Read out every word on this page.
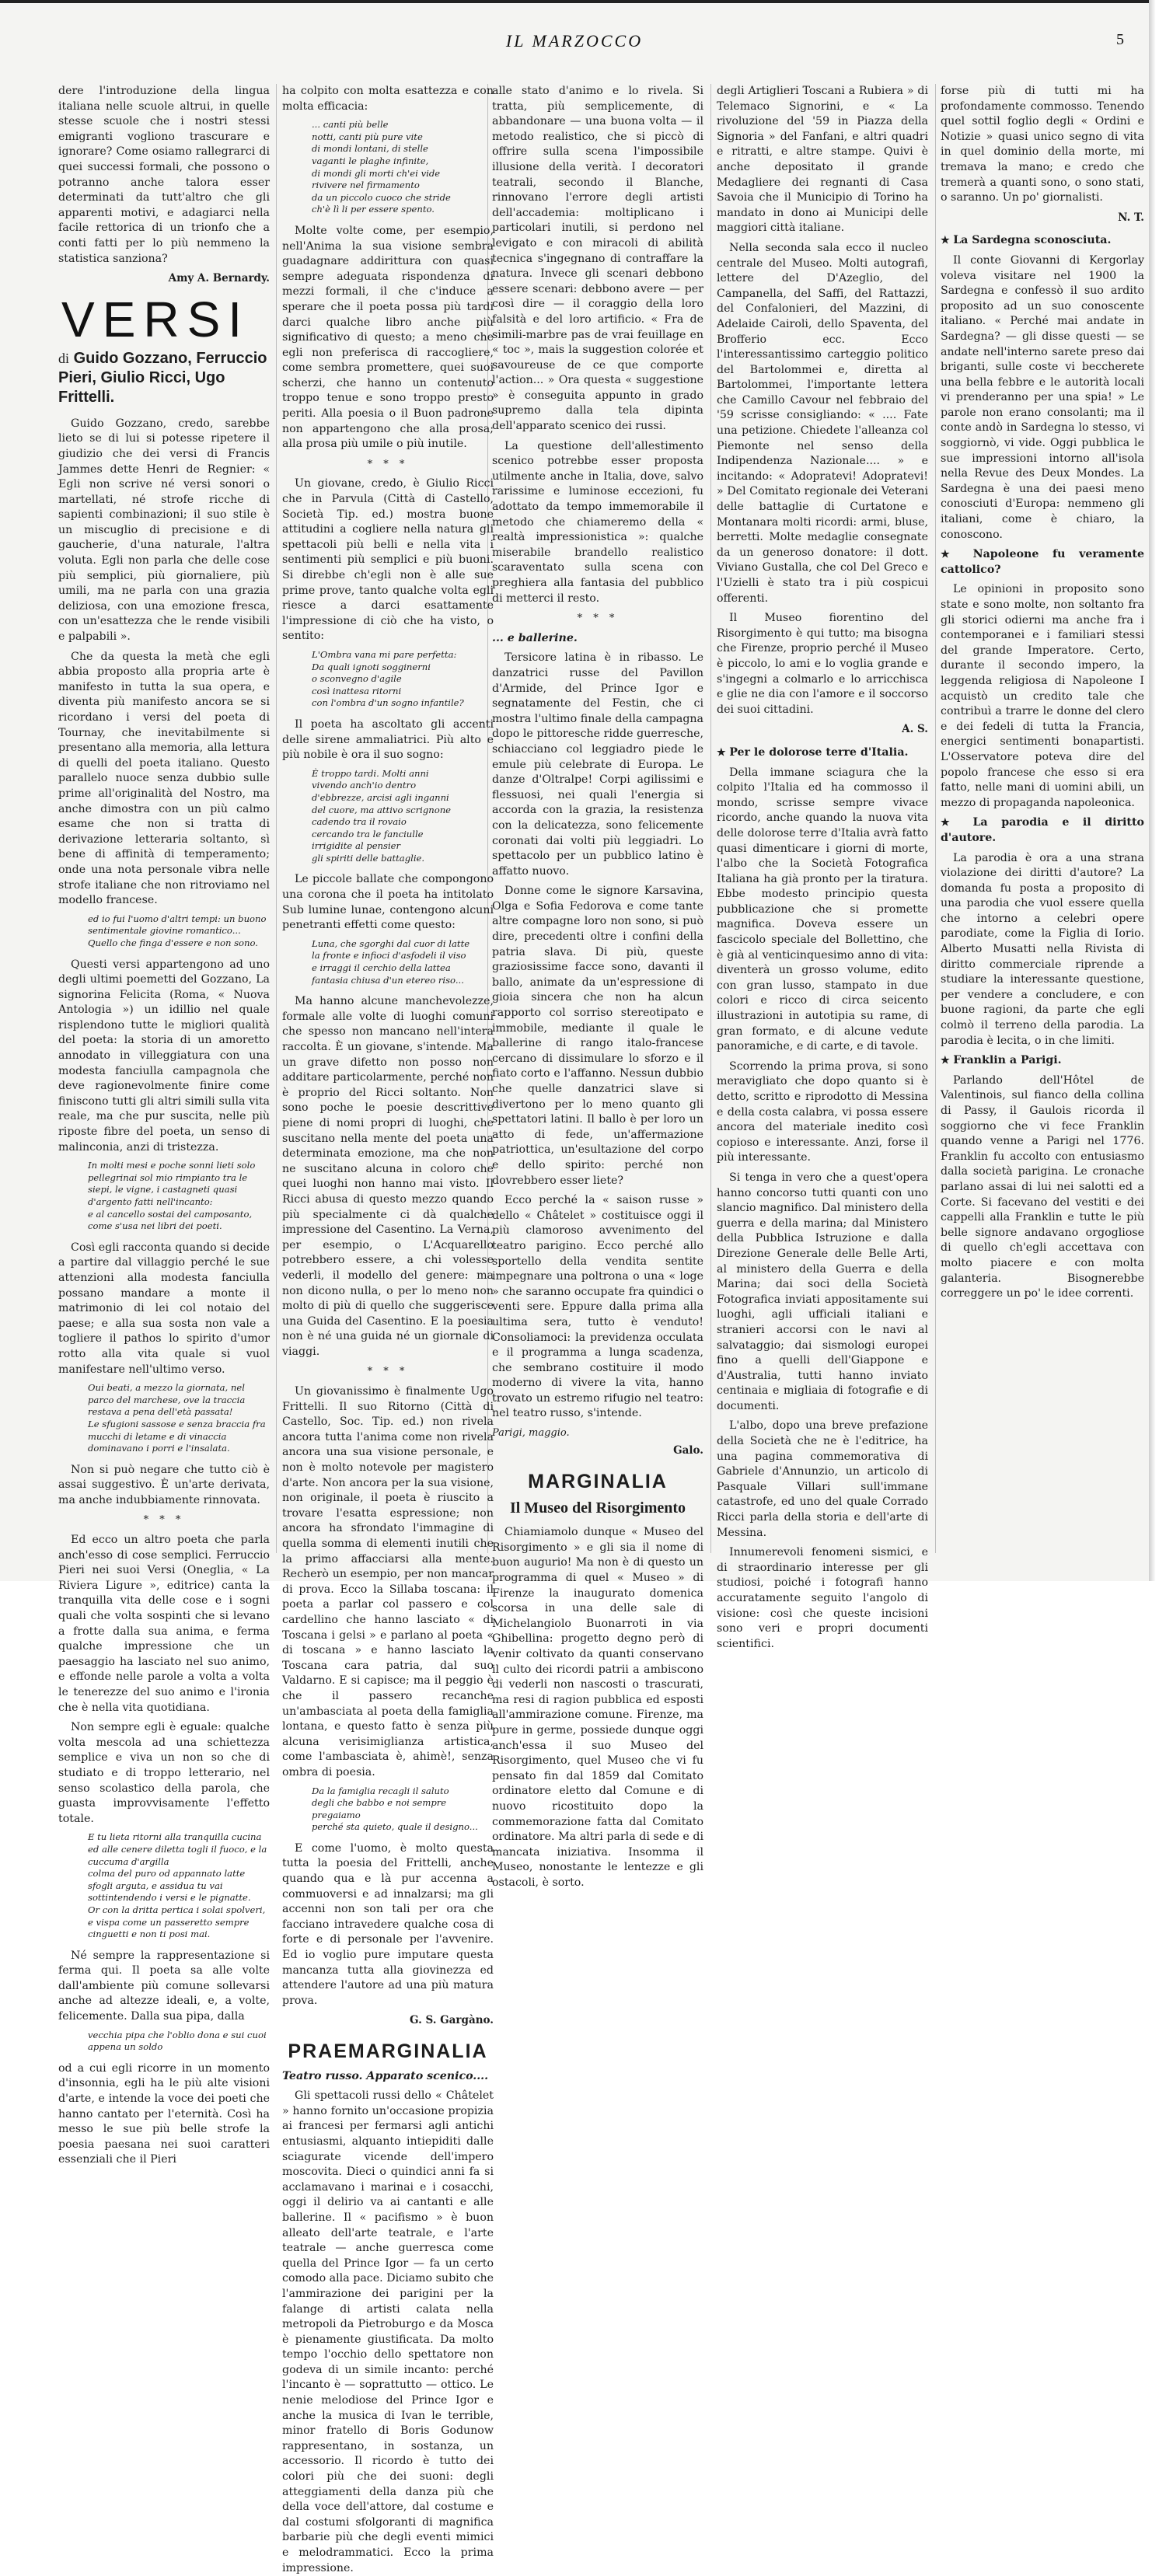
IL MARZOCCO	5

dere l'introduzione della lingua italiana nelle scuole altrui, in quelle stesse scuole che i nostri stessi emigranti vogliono trascurare e ignorare? Come osiamo rallegrarci di quei successi formali, che possono o potranno anche talora esser determinati da tutt'altro che gli apparenti motivi, e adagiarci nella facile rettorica di un trionfo che a conti fatti per lo più nemmeno la statistica sanziona?

Amy A. Bernardy.
VERSI
di Guido Gozzano, Ferruccio Pieri, Giulio Ricci, Ugo Frittelli.

Guido Gozzano, credo, sarebbe lieto se di lui si potesse ripetere il giudizio che dei versi di Francis Jammes dette Henri de Regnier: « Egli non scrive né versi sonori o martellati, né strofe ricche di sapienti combinazioni; il suo stile è un miscuglio di precisione e di gaucherie, d'una naturale, l'altra voluta. Egli non parla che delle cose più semplici, più giornaliere, più umili, ma ne parla con una grazia deliziosa, con una emozione fresca, con un'esattezza che le rende visibili e palpabili ».

Che da questa la metà che egli abbia proposto alla propria arte è manifesto in tutta la sua opera, e diventa più manifesto ancora se si ricordano i versi del poeta di Tournay, che inevitabilmente si presentano alla memoria, alla lettura di quelli del poeta italiano. Questo parallelo nuoce senza dubbio sulle prime all'originalità del Nostro, ma anche dimostra con un più calmo esame che non si tratta di derivazione letteraria soltanto, sì bene di affinità di temperamento; onde una nota personale vibra nelle strofe italiane che non ritroviamo nel modello francese.

ed io fui l'uomo d'altri tempi: un buono sentimentale giovine romantico...
Quello che finga d'essere e non sono.

Questi versi appartengono ad uno degli ultimi poemetti del Gozzano, La signorina Felicita (Roma, « Nuova Antologia ») un idillio nel quale risplendono tutte le migliori qualità del poeta: la storia di un amoretto annodato in villeggiatura con una modesta fanciulla campagnola che deve ragionevolmente finire come finiscono tutti gli altri simili sulla vita reale, ma che pur suscita, nelle più riposte fibre del poeta, un senso di malinconia, anzi di tristezza.

In molti mesi e poche sonni lieti solo pellegrinai sol mio rimpianto tra le siepi, le vigne, i castagneti quasi d'argento fatti nell'incanto:
e al cancello sostai del camposanto, come s'usa nei libri dei poeti.

Così egli racconta quando si decide a partire dal villaggio perché le sue attenzioni alla modesta fanciulla possano mandare a monte il matrimonio di lei col notaio del paese; e alla sua sosta non vale a togliere il pathos lo spirito d'umor rotto alla vita quale si vuol manifestare nell'ultimo verso.

Oui beati, a mezzo la giornata, nel parco del marchese, ove la traccia restava a pena dell'età passata!
Le sfugioni sassose e senza braccia fra mucchi di letame e di vinaccia dominavano i porri e l'insalata.

Non si può negare che tutto ciò è assai suggestivo. È un'arte derivata, ma anche indubbiamente rinnovata.

* * *

Ed ecco un altro poeta che parla anch'esso di cose semplici. Ferruccio Pieri nei suoi Versi (Oneglia, « La Riviera Ligure », editrice) canta la tranquilla vita delle cose e i sogni quali che volta sospinti che si levano a frotte dalla sua anima, e ferma qualche impressione che un paesaggio ha lasciato nel suo animo, e effonde nelle parole a volta a volta le tenerezze del suo animo e l'ironia che è nella vita quotidiana.

Non sempre egli è eguale: qualche volta mescola ad una schiettezza semplice e viva un non so che di studiato e di troppo letterario, nel senso scolastico della parola, che guasta improvvisamente l'effetto totale.

E tu lieta ritorni alla tranquilla cucina ed alle cenere diletta togli il fuoco, e la cuccuma d'argilla
colma del puro od appannato latte sfogli arguta, e assidua tu vai sottintendendo i versi e le pignatte.
Or con la dritta pertica i solai spolveri, e vispa come un passeretto sempre cinguetti e non ti posi mai.

Né sempre la rappresentazione si ferma qui. Il poeta sa alle volte dall'ambiente più comune sollevarsi anche ad altezze ideali, e, a volte, felicemente. Dalla sua pipa, dalla

vecchia pipa che l'oblio dona e sui cuoi appena un soldo

od a cui egli ricorre in un momento d'insonnia, egli ha le più alte visioni d'arte, e intende la voce dei poeti che hanno cantato per l'eternità. Così ha messo le sue più belle strofe la poesia paesana nei suoi caratteri essenziali che il Pieri

ha colpito con molta esattezza e con molta efficacia:

... canti più belle
notti, canti più pure vite
di mondi lontani, di stelle
vaganti le plaghe infinite,
di mondi gli morti ch'ei vide
rivivere nel firmamento
da un piccolo cuoco che stride
ch'è lì li per essere spento.

Molte volte come, per esempio, nell'Anima la sua visione sembra guadagnare addirittura con quasi sempre adeguata rispondenza di mezzi formali, il che c'induce a sperare che il poeta possa più tardi darci qualche libro anche più significativo di questo; a meno che egli non preferisca di raccogliere, come sembra promettere, quei suoi scherzi, che hanno un contenuto troppo tenue e sono troppo presto periti. Alla poesia o il Buon padrone non appartengono che alla prosa; alla prosa più umile o più inutile.

* * *

Un giovane, credo, è Giulio Ricci che in Parvula (Città di Castello, Società Tip. ed.) mostra buone attitudini a cogliere nella natura gli spettacoli più belli e nella vita i sentimenti più semplici e più buoni. Si direbbe ch'egli non è alle sue prime prove, tanto qualche volta egli riesce a darci esattamente l'impressione di ciò che ha visto, o sentito:

L'Ombra vana mi pare perfetta:
Da quali ignoti sogginerni
o sconvegno d'agile
così inattesa ritorni
con l'ombra d'un sogno infantile?

Il poeta ha ascoltato gli accenti delle sirene ammaliatrici. Più alto e più nobile è ora il suo sogno:

È troppo tardi. Molti anni
vivendo anch'io dentro
d'ebbrezze, arcisi agli inganni
del cuore, ma attivo scrignone
cadendo tra il rovaio
cercando tra le fanciulle
irrigidite al pensier
gli spiriti delle battaglie.

Le piccole ballate che compongono una corona che il poeta ha intitolato Sub lumine lunae, contengono alcuni penetranti effetti come questo:

Luna, che sgorghi dal cuor di latte
la fronte e infioci d'asfodeli il viso
e irraggi il cerchio della lattea
fantasia chiusa d'un etereo riso...

Ma hanno alcune manchevolezze, formale alle volte di luoghi comuni che spesso non mancano nell'intera raccolta. È un giovane, s'intende. Ma un grave difetto non posso non additare particolarmente, perché non è proprio del Ricci soltanto. Non sono poche le poesie descrittive piene di nomi propri di luoghi, che suscitano nella mente del poeta una determinata emozione, ma che non ne suscitano alcuna in coloro che quei luoghi non hanno mai visto. Il Ricci abusa di questo mezzo quando più specialmente ci dà qualche impressione del Casentino. La Verna, per esempio, o L'Acquarello potrebbero essere, a chi volesse vederli, il modello del genere: ma non dicono nulla, o per lo meno non molto di più di quello che suggerisce una Guida del Casentino. E la poesia non è né una guida né un giornale di viaggi.

* * *

Un giovanissimo è finalmente Ugo Frittelli. Il suo Ritorno (Città di Castello, Soc. Tip. ed.) non rivela ancora tutta l'anima come non rivela ancora una sua visione personale, e non è molto notevole per magistero d'arte. Non ancora per la sua visione, non originale, il poeta è riuscito a trovare l'esatta espressione; non ancora ha sfrondato l'immagine di quella somma di elementi inutili che la primo affacciarsi alla mente. Recherò un esempio, per non mancar di prova. Ecco la Sillaba toscana: il poeta a parlar col passero e col cardellino che hanno lasciato « di Toscana i gelsi » e parlano al poeta « di toscana » e hanno lasciato la Toscana cara patria, dal suo Valdarno. E si capisce; ma il peggio è che il passero recanche un'ambasciata al poeta della famiglia lontana, e questo fatto è senza più alcuna verisimiglianza artistica, come l'ambasciata è, ahimè!, senza ombra di poesia.

Da la famiglia recagli il saluto
degli che babbo e noi sempre pregaiamo
perché sta quieto, quale il designo...

E come l'uomo, è molto questa tutta la poesia del Frittelli, anche quando qua e là pur accenna a commuoversi e ad innalzarsi; ma gli accenni non son tali per ora che facciano intravedere qualche cosa di forte e di personale per l'avvenire. Ed io voglio pure imputare questa mancanza tutta alla giovinezza ed attendere l'autore ad una più matura prova.

G. S. Gargàno.
PRAEMARGINALIA

Teatro russo. Apparato scenico....

Gli spettacoli russi dello « Châtelet » hanno fornito un'occasione propizia ai francesi per fermarsi agli antichi entusiasmi, alquanto intiepiditi dalle sciagurate vicende dell'impero moscovita. Dieci o quindici anni fa si acclamavano i marinai e i cosacchi, oggi il delirio va ai cantanti e alle ballerine. Il « pacifismo » è buon alleato dell'arte teatrale, e l'arte teatrale — anche guerresca come quella del Prince Igor — fa un certo comodo alla pace. Diciamo subito che l'ammirazione dei parigini per la falange di artisti calata nella metropoli da Pietroburgo e da Mosca è pienamente giustificata. Da molto tempo l'occhio dello spettatore non godeva di un simile incanto: perché l'incanto è — soprattutto — ottico. Le nenie melodiose del Prince Igor e anche la musica di Ivan le terrible, minor fratello di Boris Godunow rappresentano, in sostanza, un accessorio. Il ricordo è tutto dei colori più che dei suoni: degli atteggiamenti della danza più che della voce dell'attore, dal costume e dal costumi sfolgoranti di magnifica barbarie più che degli eventi mimici e melodrammatici. Ecco la prima impressione.

alle stato d'animo e lo rivela. Si tratta, più semplicemente, di abbandonare — una buona volta — il metodo realistico, che si piccò di offrire sulla scena l'impossibile illusione della verità. I decoratori teatrali, secondo il Blanche, rinnovano l'errore degli artisti dell'accademia: moltiplicano i particolari inutili, si perdono nel levigato e con miracoli di abilità tecnica s'ingegnano di contraffare la natura. Invece gli scenari debbono essere scenari: debbono avere — per così dire — il coraggio della loro falsità e del loro artificio. « Fra de simili-marbre pas de vrai feuillage en « toc », mais la suggestion colorée et savoureuse de ce que comporte l'action... » Ora questa « suggestione » è conseguita appunto in grado supremo dalla tela dipinta dell'apparato scenico dei russi.

La questione dell'allestimento scenico potrebbe esser proposta utilmente anche in Italia, dove, salvo rarissime e luminose eccezioni, fu adottato da tempo immemorabile il metodo che chiameremo della « realtà impressionistica »: qualche miserabile brandello realistico scaraventato sulla scena con preghiera alla fantasia del pubblico di metterci il resto.

* * *

... e ballerine.

Tersicore latina è in ribasso. Le danzatrici russe del Pavillon d'Armide, del Prince Igor e segnatamente del Festin, che ci mostra l'ultimo finale della campagna dopo le pittoresche ridde guerresche, schiacciano col leggiadro piede le emule più celebrate di Europa. Le danze d'Oltralpe! Corpi agilissimi e flessuosi, nei quali l'energia si accorda con la grazia, la resistenza con la delicatezza, sono felicemente coronati dai volti più leggiadri. Lo spettacolo per un pubblico latino è affatto nuovo.

Donne come le signore Karsavina, Olga e Sofia Fedorova e come tante altre compagne loro non sono, si può dire, precedenti oltre i confini della patria slava. Di più, queste graziosissime facce sono, davanti il ballo, animate da un'espressione di gioia sincera che non ha alcun rapporto col sorriso stereotipato e immobile, mediante il quale le ballerine di rango italo-francese cercano di dissimulare lo sforzo e il fiato corto e l'affanno. Nessun dubbio che quelle danzatrici slave si divertono per lo meno quanto gli spettatori latini. Il ballo è per loro un atto di fede, un'affermazione patriottica, un'esultazione del corpo e dello spirito: perché non dovrebbero esser liete?

Ecco perché la « saison russe » dello « Châtelet » costituisce oggi il più clamoroso avvenimento del teatro parigino. Ecco perché allo sportello della vendita sentite impegnare una poltrona o una « loge » che saranno occupate fra quindici o venti sere. Eppure dalla prima alla ultima sera, tutto è venduto! Consoliamoci: la previdenza occulata e il programma a lunga scadenza, che sembrano costituire il modo moderno di vivere la vita, hanno trovato un estremo rifugio nel teatro: nel teatro russo, s'intende.

Parigi, maggio.
Galo.
MARGINALIA
Il Museo del Risorgimento

Chiamiamolo dunque « Museo del Risorgimento » e gli sia il nome di buon augurio! Ma non è di questo un programma di quel « Museo » di Firenze la inaugurato domenica scorsa in una delle sale di Michelangiolo Buonarroti in via Ghibellina: progetto degno però di venir coltivato da quanti conservano il culto dei ricordi patrii a ambiscono di vederli non nascosti o trascurati, ma resi di ragion pubblica ed esposti all'ammirazione comune. Firenze, ma pure in germe, possiede dunque oggi anch'essa il suo Museo del Risorgimento, quel Museo che vi fu pensato fin dal 1859 dal Comitato ordinatore eletto dal Comune e di nuovo ricostituito dopo la commemorazione fatta dal Comitato ordinatore. Ma altri parla di sede e di mancata iniziativa. Insomma il Museo, nonostante le lentezze e gli ostacoli, è sorto.

degli Artiglieri Toscani a Rubiera » di Telemaco Signorini, e « La rivoluzione del '59 in Piazza della Signoria » del Fanfani, e altri quadri e ritratti, e altre stampe. Quivi è anche depositato il grande Medagliere dei regnanti di Casa Savoia che il Municipio di Torino ha mandato in dono ai Municipi delle maggiori città italiane.

Nella seconda sala ecco il nucleo centrale del Museo. Molti autografi, lettere del D'Azeglio, del Campanella, del Saffi, del Rattazzi, del Confalonieri, del Mazzini, di Adelaide Cairoli, dello Spaventa, del Brofferio ecc. Ecco l'interessantissimo carteggio politico del Bartolommei e, diretta al Bartolommei, l'importante lettera che Camillo Cavour nel febbraio del '59 scrisse consigliando: « .... Fate una petizione. Chiedete l'alleanza col Piemonte nel senso della Indipendenza Nazionale.... » e incitando: « Adopratevi! Adopratevi! » Del Comitato regionale dei Veterani delle battaglie di Curtatone e Montanara molti ricordi: armi, bluse, berretti. Molte medaglie consegnate da un generoso donatore: il dott. Viviano Gustalla, che col Del Greco e l'Uzielli è stato tra i più cospicui offerenti.

Il Museo fiorentino del Risorgimento è qui tutto; ma bisogna che Firenze, proprio perché il Museo è piccolo, lo ami e lo voglia grande e s'ingegni a colmarlo e lo arricchisca e glie ne dia con l'amore e il soccorso dei suoi cittadini.

A. S.

★ Per le dolorose terre d'Italia.

Della immane sciagura che la colpito l'Italia ed ha commosso il mondo, scrisse sempre vivace ricordo, anche quando la nuova vita delle dolorose terre d'Italia avrà fatto quasi dimenticare i giorni di morte, l'albo che la Società Fotografica Italiana ha già pronto per la tiratura. Ebbe modesto principio questa pubblicazione che si promette magnifica. Doveva essere un fascicolo speciale del Bollettino, che è già al venticinquesimo anno di vita: diventerà un grosso volume, edito con gran lusso, stampato in due colori e ricco di circa seicento illustrazioni in autotipia su rame, di gran formato, e di alcune vedute panoramiche, e di carte, e di tavole.

Scorrendo la prima prova, si sono meravigliato che dopo quanto si è detto, scritto e riprodotto di Messina e della costa calabra, vi possa essere ancora del materiale inedito così copioso e interessante. Anzi, forse il più interessante.

Si tenga in vero che a quest'opera hanno concorso tutti quanti con uno slancio magnifico. Dal ministero della guerra e della marina; dal Ministero della Pubblica Istruzione e dalla Direzione Generale delle Belle Arti, al ministero della Guerra e della Marina; dai soci della Società Fotografica inviati appositamente sui luoghi, agli ufficiali italiani e stranieri accorsi con le navi al salvataggio; dai sismologi europei fino a quelli dell'Giappone e d'Australia, tutti hanno inviato centinaia e migliaia di fotografie e di documenti.

L'albo, dopo una breve prefazione della Società che ne è l'editrice, ha una pagina commemorativa di Gabriele d'Annunzio, un articolo di Pasquale Villari sull'immane catastrofe, ed uno del quale Corrado Ricci parla della storia e dell'arte di Messina.

Innumerevoli fenomeni sismici, e di straordinario interesse per gli studiosi, poiché i fotografi hanno accuratamente seguito l'angolo di visione: così che queste incisioni sono veri e propri documenti scientifici.

forse più di tutti mi ha profondamente commosso. Tenendo quel sottil foglio degli « Ordini e Notizie » quasi unico segno di vita in quel dominio della morte, mi tremava la mano; e credo che tremerà a quanti sono, o sono stati, o saranno. Un po' giornalisti.

N. T.

★ La Sardegna sconosciuta.

Il conte Giovanni di Kergorlay voleva visitare nel 1900 la Sardegna e confessò il suo ardito proposito ad un suo conoscente italiano. « Perché mai andate in Sardegna? — gli disse questi — se andate nell'interno sarete preso dai briganti, sulle coste vi beccherete una bella febbre e le autorità locali vi prenderanno per una spia! » Le parole non erano consolanti; ma il conte andò in Sardegna lo stesso, vi soggiornò, vi vide. Oggi pubblica le sue impressioni intorno all'isola nella Revue des Deux Mondes. La Sardegna è una dei paesi meno conosciuti d'Europa: nemmeno gli italiani, come è chiaro, la conoscono.

★ Napoleone fu veramente cattolico?

Le opinioni in proposito sono state e sono molte, non soltanto fra gli storici odierni ma anche fra i contemporanei e i familiari stessi del grande Imperatore. Certo, durante il secondo impero, la leggenda religiosa di Napoleone I acquistò un credito tale che contribuì a trarre le donne del clero e dei fedeli di tutta la Francia, energici sentimenti bonapartisti. L'Osservatore poteva dire del popolo francese che esso si era fatto, nelle mani di uomini abili, un mezzo di propaganda napoleonica.

★ La parodia e il diritto d'autore.

La parodia è ora a una strana violazione dei diritti d'autore? La domanda fu posta a proposito di una parodia che vuol essere quella che intorno a celebri opere parodiate, come la Figlia di Iorio. Alberto Musatti nella Rivista di diritto commerciale riprende a studiare la interessante questione, per vendere a concludere, e con buone ragioni, da parte che egli colmò il terreno della parodia. La parodia è lecita, o in che limiti.

★ Franklin a Parigi.

Parlando dell'Hôtel de Valentinois, sul fianco della collina di Passy, il Gaulois ricorda il soggiorno che vi fece Franklin quando venne a Parigi nel 1776. Franklin fu accolto con entusiasmo dalla società parigina. Le cronache parlano assai di lui nei salotti ed a Corte. Si facevano del vestiti e dei cappelli alla Franklin e tutte le più belle signore andavano orgogliose di quello ch'egli accettava con molto piacere e con molta galanteria. Bisognerebbe correggere un po' le idee correnti.
